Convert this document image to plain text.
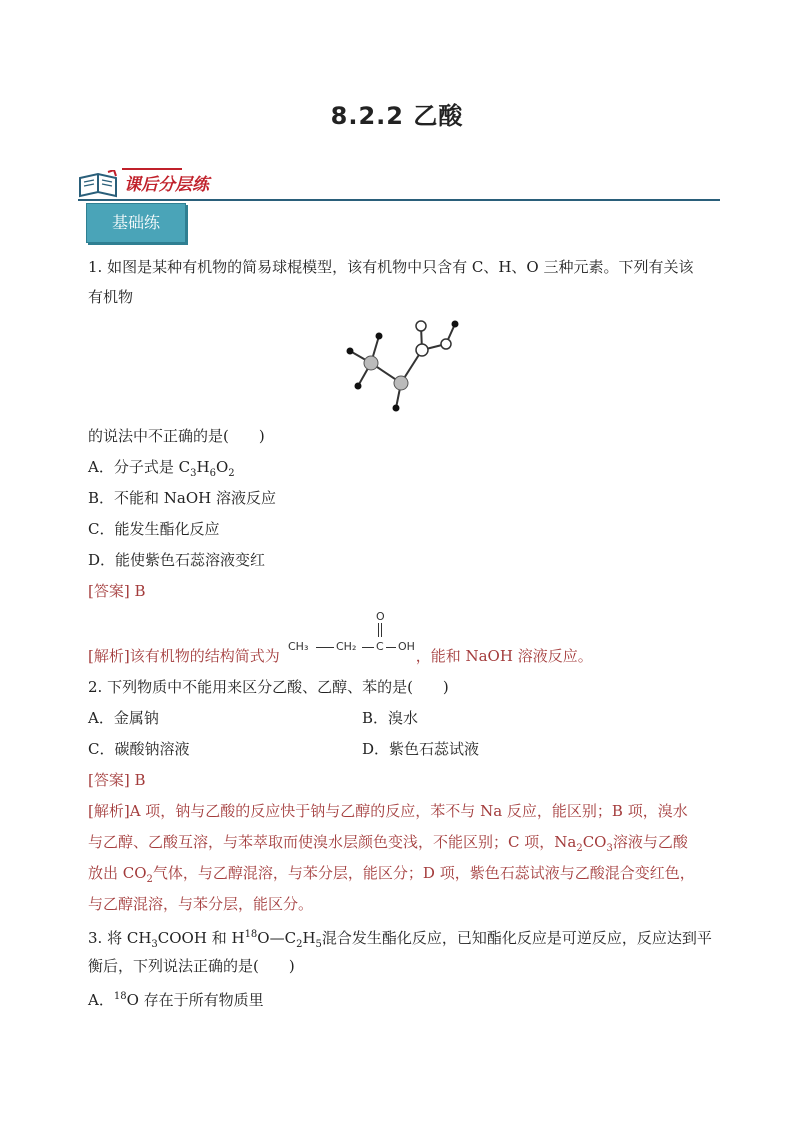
8.2.2 乙酸
课后分层练
基础练
1. 如图是某种有机物的简易球棍模型，该有机物中只含有 C、H、O 三种元素。下列有关该
有机物
的说法中不正确的是(　　)
A．分子式是 $C_3H_6O_2$
B．不能和 NaOH 溶液反应
C．能发生酯化反应
D．能使紫色石蕊溶液变红
[答案] B
[解析]该有机物的结构简式为	，能和 NaOH 溶液反应。
O
CH₃	CH₂ C OH
2. 下列物质中不能用来区分乙酸、乙醇、苯的是(　　)
A．金属钠	B．溴水
C．碳酸钠溶液	D．紫色石蕊试液
[答案] B
[解析]A 项，钠与乙酸的反应快于钠与乙醇的反应，苯不与 Na 反应，能区别；B 项，溴水
与乙醇、乙酸互溶，与苯萃取而使溴水层颜色变浅，不能区别；C 项，$Na_2CO_3$溶液与乙酸
放出 $CO_2$气体，与乙醇混溶，与苯分层，能区分；D 项，紫色石蕊试液与乙酸混合变红色，
与乙醇混溶，与苯分层，能区分。
3. 将 $CH_3COOH$ 和 $H^{18}O—C_2H_5$混合发生酯化反应，已知酯化反应是可逆反应，反应达到平
衡后，下列说法正确的是(　　)
A．$^{18}$O 存在于所有物质里
